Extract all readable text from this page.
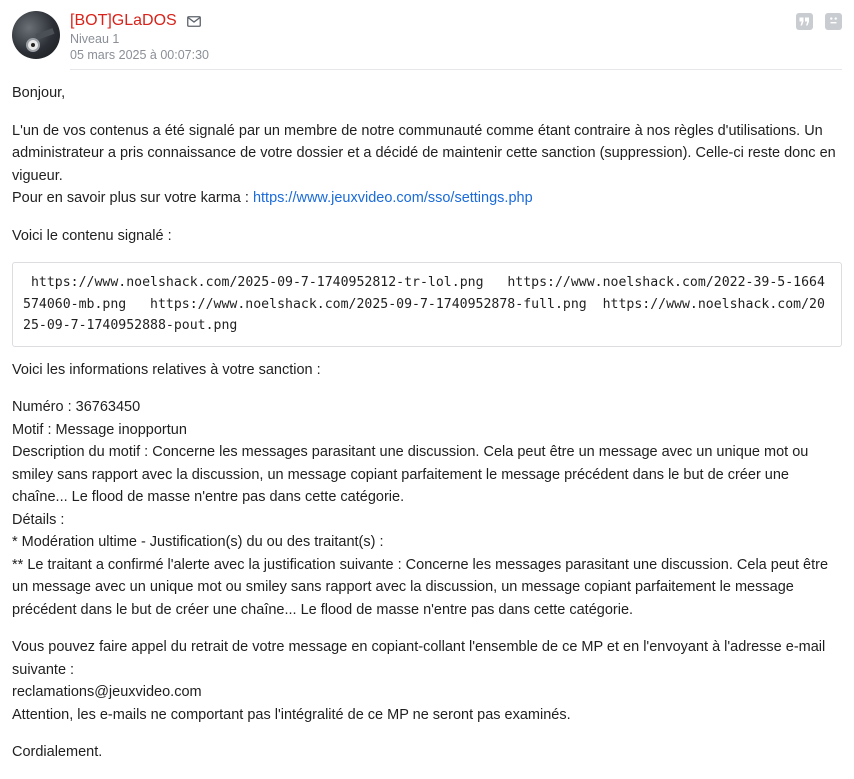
[BOT]GLaDOS
Niveau 1
05 mars 2025 à 00:07:30

Bonjour,

L'un de vos contenus a été signalé par un membre de notre communauté comme étant contraire à nos règles d'utilisations. Un administrateur a pris connaissance de votre dossier et a décidé de maintenir cette sanction (suppression). Celle-ci reste donc en vigueur.
Pour en savoir plus sur votre karma : https://www.jeuxvideo.com/sso/settings.php

Voici le contenu signalé :

https://www.noelshack.com/2025-09-7-1740952812-tr-lol.png   https://www.noelshack.com/2022-39-5-1664574060-mb.png   https://www.noelshack.com/2025-09-7-1740952878-full.png  https://www.noelshack.com/2025-09-7-1740952888-pout.png

Voici les informations relatives à votre sanction :

Numéro : 36763450
Motif : Message inopportun
Description du motif : Concerne les messages parasitant une discussion. Cela peut être un message avec un unique mot ou smiley sans rapport avec la discussion, un message copiant parfaitement le message précédent dans le but de créer une chaîne... Le flood de masse n'entre pas dans cette catégorie.
Détails :
* Modération ultime - Justification(s) du ou des traitant(s) :
** Le traitant a confirmé l'alerte avec la justification suivante : Concerne les messages parasitant une discussion. Cela peut être un message avec un unique mot ou smiley sans rapport avec la discussion, un message copiant parfaitement le message précédent dans le but de créer une chaîne... Le flood de masse n'entre pas dans cette catégorie.

Vous pouvez faire appel du retrait de votre message en copiant-collant l'ensemble de ce MP et en l'envoyant à l'adresse e-mail suivante :
reclamations@jeuxvideo.com
Attention, les e-mails ne comportant pas l'intégralité de ce MP ne seront pas examinés.

Cordialement.
